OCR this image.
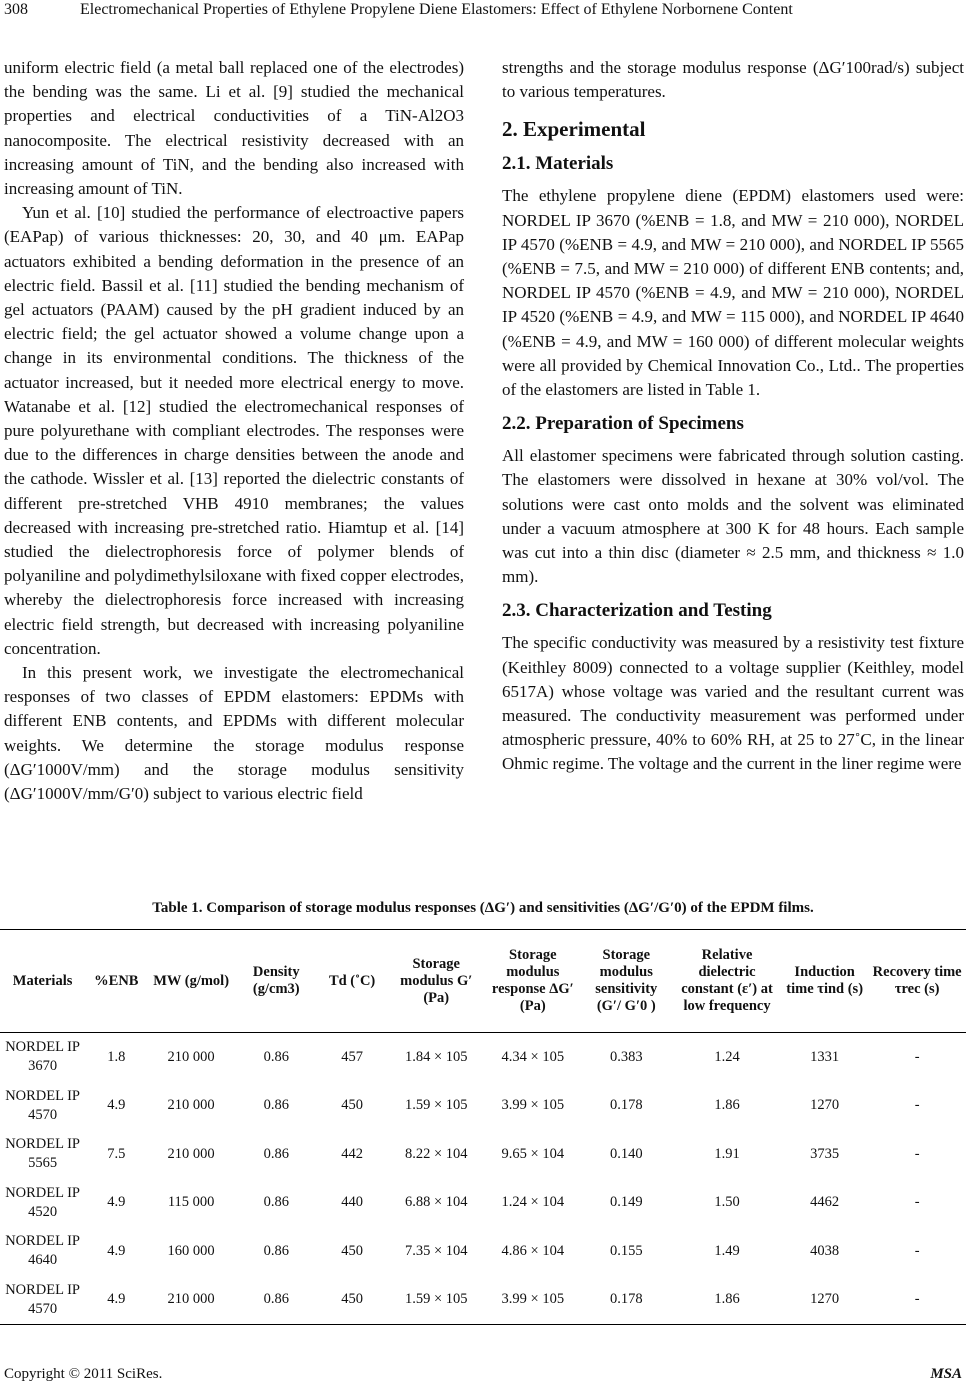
308	Electromechanical Properties of Ethylene Propylene Diene Elastomers: Effect of Ethylene Norbornene Content

uniform electric field (a metal ball replaced one of the electrodes) the bending was the same. Li et al. [9] studied the mechanical properties and electrical conductivities of a TiN-Al2O3 nanocomposite. The electrical resistivity decreased with an increasing amount of TiN, and the bending also increased with increasing amount of TiN.

Yun et al. [10] studied the performance of electroactive papers (EAPap) of various thicknesses: 20, 30, and 40 μm. EAPap actuators exhibited a bending deformation in the presence of an electric field. Bassil et al. [11] studied the bending mechanism of gel actuators (PAAM) caused by the pH gradient induced by an electric field; the gel actuator showed a volume change upon a change in its environmental conditions. The thickness of the actuator increased, but it needed more electrical energy to move. Watanabe et al. [12] studied the electromechanical responses of pure polyurethane with compliant electrodes. The responses were due to the differences in charge densities between the anode and the cathode. Wissler et al. [13] reported the dielectric constants of different pre-stretched VHB 4910 membranes; the values decreased with increasing pre-stretched ratio. Hiamtup et al. [14] studied the dielectrophoresis force of polymer blends of polyaniline and polydimethylsiloxane with fixed copper electrodes, whereby the dielectrophoresis force increased with increasing electric field strength, but decreased with increasing polyaniline concentration.

In this present work, we investigate the electromechanical responses of two classes of EPDM elastomers: EPDMs with different ENB contents, and EPDMs with different molecular weights. We determine the storage modulus response (ΔG′1000V/mm) and the storage modulus sensitivity (ΔG′1000V/mm/G′0) subject to various electric field

strengths and the storage modulus response (ΔG′100rad/s) subject to various temperatures.

2. Experimental

2.1. Materials

The ethylene propylene diene (EPDM) elastomers used were: NORDEL IP 3670 (%ENB = 1.8, and MW = 210 000), NORDEL IP 4570 (%ENB = 4.9, and MW = 210 000), and NORDEL IP 5565 (%ENB = 7.5, and MW = 210 000) of different ENB contents; and, NORDEL IP 4570 (%ENB = 4.9, and MW = 210 000), NORDEL IP 4520 (%ENB = 4.9, and MW = 115 000), and NORDEL IP 4640 (%ENB = 4.9, and MW = 160 000) of different molecular weights were all provided by Chemical Innovation Co., Ltd.. The properties of the elastomers are listed in Table 1.

2.2. Preparation of Specimens

All elastomer specimens were fabricated through solution casting. The elastomers were dissolved in hexane at 30% vol/vol. The solutions were cast onto molds and the solvent was eliminated under a vacuum atmosphere at 300 K for 48 hours. Each sample was cut into a thin disc (diameter ≈ 2.5 mm, and thickness ≈ 1.0 mm).

2.3. Characterization and Testing

The specific conductivity was measured by a resistivity test fixture (Keithley 8009) connected to a voltage supplier (Keithley, model 6517A) whose voltage was varied and the resultant current was measured. The conductivity measurement was performed under atmospheric pressure, 40% to 60% RH, at 25 to 27˚C, in the linear Ohmic regime. The voltage and the current in the liner regime were

Table 1. Comparison of storage modulus responses (ΔG′) and sensitivities (ΔG′/G′0) of the EPDM films.
Materials	%ENB	MW (g/mol)	Density (g/cm3)	Td (˚C)	Storage modulus G′ (Pa)	Storage modulus response ΔG′ (Pa)	Storage modulus sensitivity (G′/ G′0 )	Relative dielectric constant (ε′) at low frequency	Induction time τind (s)	Recovery time τrec (s)
NORDEL IP 3670	1.8	210 000	0.86	457	1.84 × 105	4.34 × 105	0.383	1.24	1331	-
NORDEL IP 4570	4.9	210 000	0.86	450	1.59 × 105	3.99 × 105	0.178	1.86	1270	-
NORDEL IP 5565	7.5	210 000	0.86	442	8.22 × 104	9.65 × 104	0.140	1.91	3735	-
NORDEL IP 4520	4.9	115 000	0.86	440	6.88 × 104	1.24 × 104	0.149	1.50	4462	-
NORDEL IP 4640	4.9	160 000	0.86	450	7.35 × 104	4.86 × 104	0.155	1.49	4038	-
NORDEL IP 4570	4.9	210 000	0.86	450	1.59 × 105	3.99 × 105	0.178	1.86	1270	-
Copyright © 2011 SciRes.	MSA
